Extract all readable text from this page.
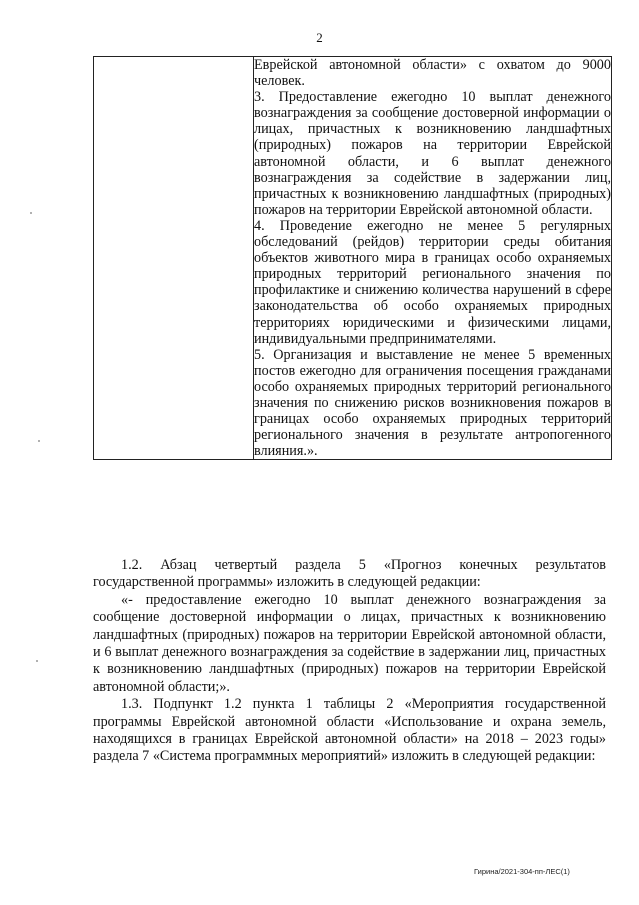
2

Еврейской автономной области» с охватом до 9000 человек.

3. Предоставление ежегодно 10 выплат денежного вознаграждения за сообщение достоверной информации о лицах, причастных к возникновению ландшафтных (природных) пожаров на территории Еврейской автономной области, и 6 выплат денежного вознаграждения за содействие в задержании лиц, причастных к возникновению ландшафтных (природных) пожаров на территории Еврейской автономной области.

4. Проведение ежегодно не менее 5 регулярных обследований (рейдов) территории среды обитания объектов животного мира в границах особо охраняемых природных территорий регионального значения по профилактике и снижению количества нарушений в сфере законодательства об особо охраняемых природных территориях юридическими и физическими лицами, индивидуальными предпринимателями.

5. Организация и выставление не менее 5 временных постов ежегодно для ограничения посещения гражданами особо охраняемых природных территорий регионального значения по снижению рисков возникновения пожаров в границах особо охраняемых природных территорий регионального значения в результате антропогенного влияния.».

1.2. Абзац четвертый раздела 5 «Прогноз конечных результатов государственной программы» изложить в следующей редакции:

«- предоставление ежегодно 10 выплат денежного вознаграждения за сообщение достоверной информации о лицах, причастных к возникновению ландшафтных (природных) пожаров на территории Еврейской автономной области, и 6 выплат денежного вознаграждения за содействие в задержании лиц, причастных к возникновению ландшафтных (природных) пожаров на территории Еврейской автономной области;».

1.3. Подпункт 1.2 пункта 1 таблицы 2 «Мероприятия государственной программы Еврейской автономной области «Использование и охрана земель, находящихся в границах Еврейской автономной области» на 2018 – 2023 годы» раздела 7 «Система программных мероприятий» изложить в следующей редакции:

Гирина/2021-304-пп-ЛЕС(1)
